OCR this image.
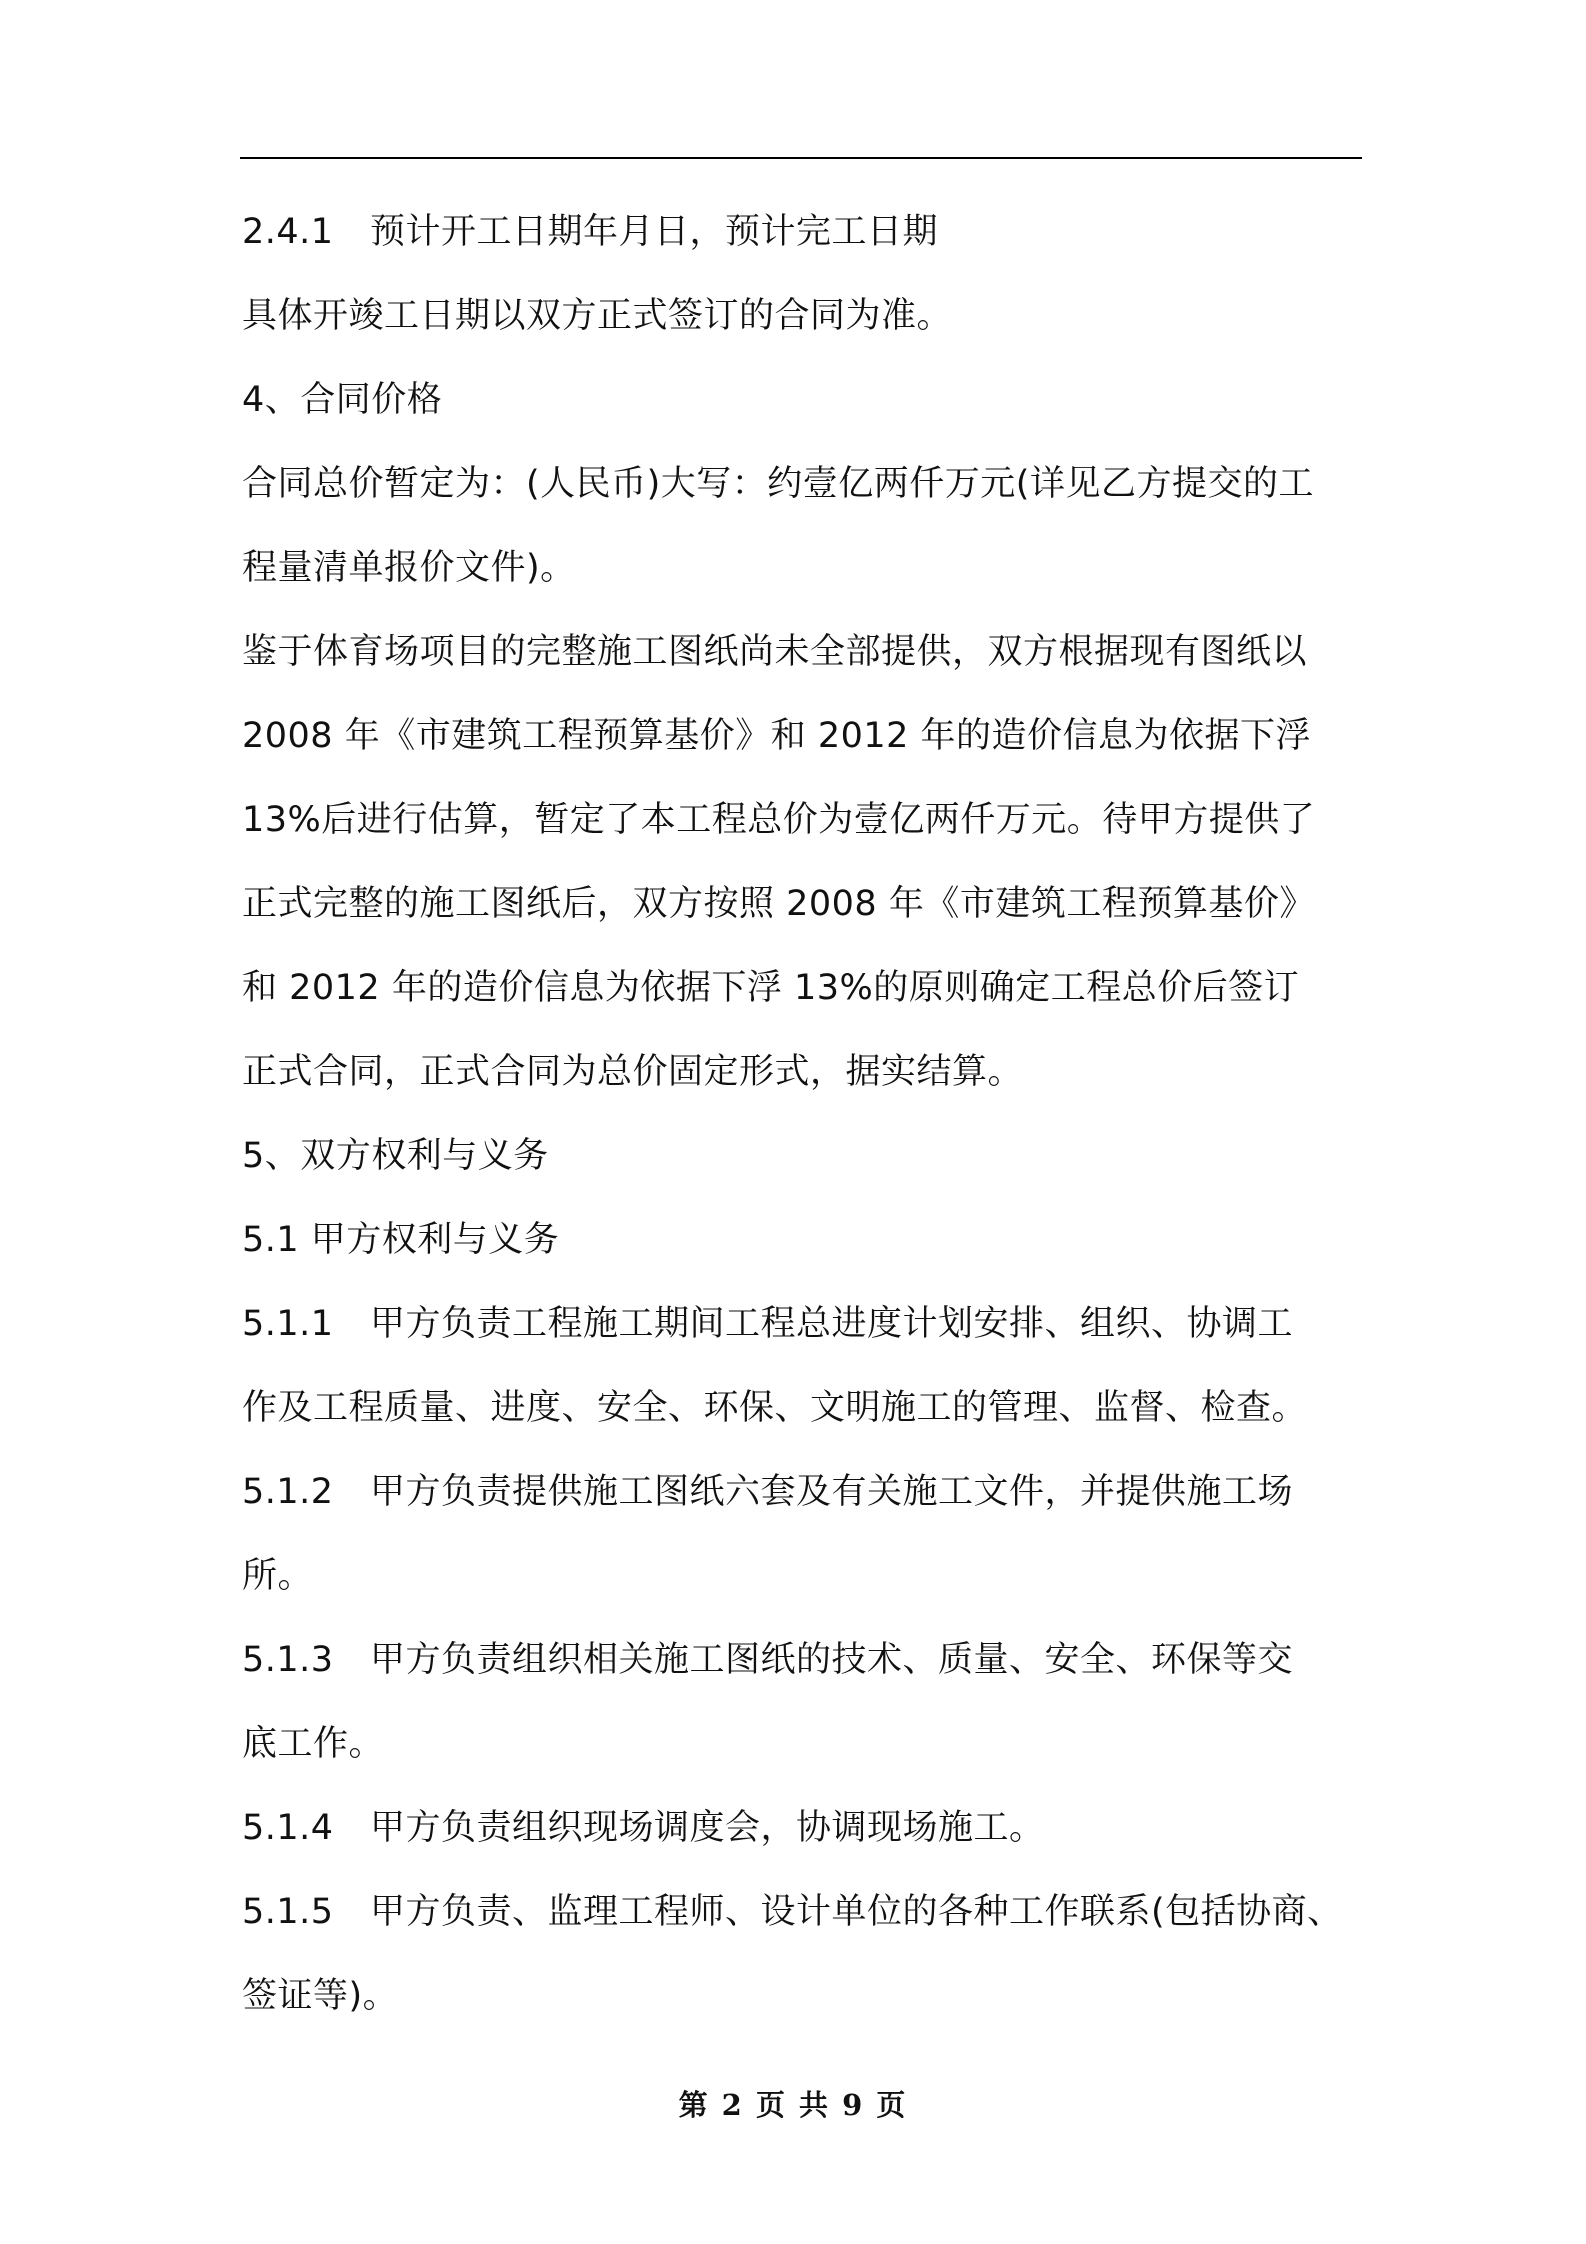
2.4.1 预计开工日期年月日，预计完工日期
具体开竣工日期以双方正式签订的合同为准。
4、合同价格
合同总价暂定为：(人民币)大写：约壹亿两仟万元(详见乙方提交的工
程量清单报价文件)。
鉴于体育场项目的完整施工图纸尚未全部提供，双方根据现有图纸以
2008 年《市建筑工程预算基价》和 2012 年的造价信息为依据下浮
13%后进行估算，暂定了本工程总价为壹亿两仟万元。待甲方提供了
正式完整的施工图纸后，双方按照 2008 年《市建筑工程预算基价》
和 2012 年的造价信息为依据下浮 13%的原则确定工程总价后签订
正式合同，正式合同为总价固定形式，据实结算。
5、双方权利与义务
5.1 甲方权利与义务
5.1.1 甲方负责工程施工期间工程总进度计划安排、组织、协调工
作及工程质量、进度、安全、环保、文明施工的管理、监督、检查。
5.1.2 甲方负责提供施工图纸六套及有关施工文件，并提供施工场
所。
5.1.3 甲方负责组织相关施工图纸的技术、质量、安全、环保等交
底工作。
5.1.4 甲方负责组织现场调度会，协调现场施工。
5.1.5 甲方负责、监理工程师、设计单位的各种工作联系(包括协商、
签证等)。
第 2 页 共 9 页
